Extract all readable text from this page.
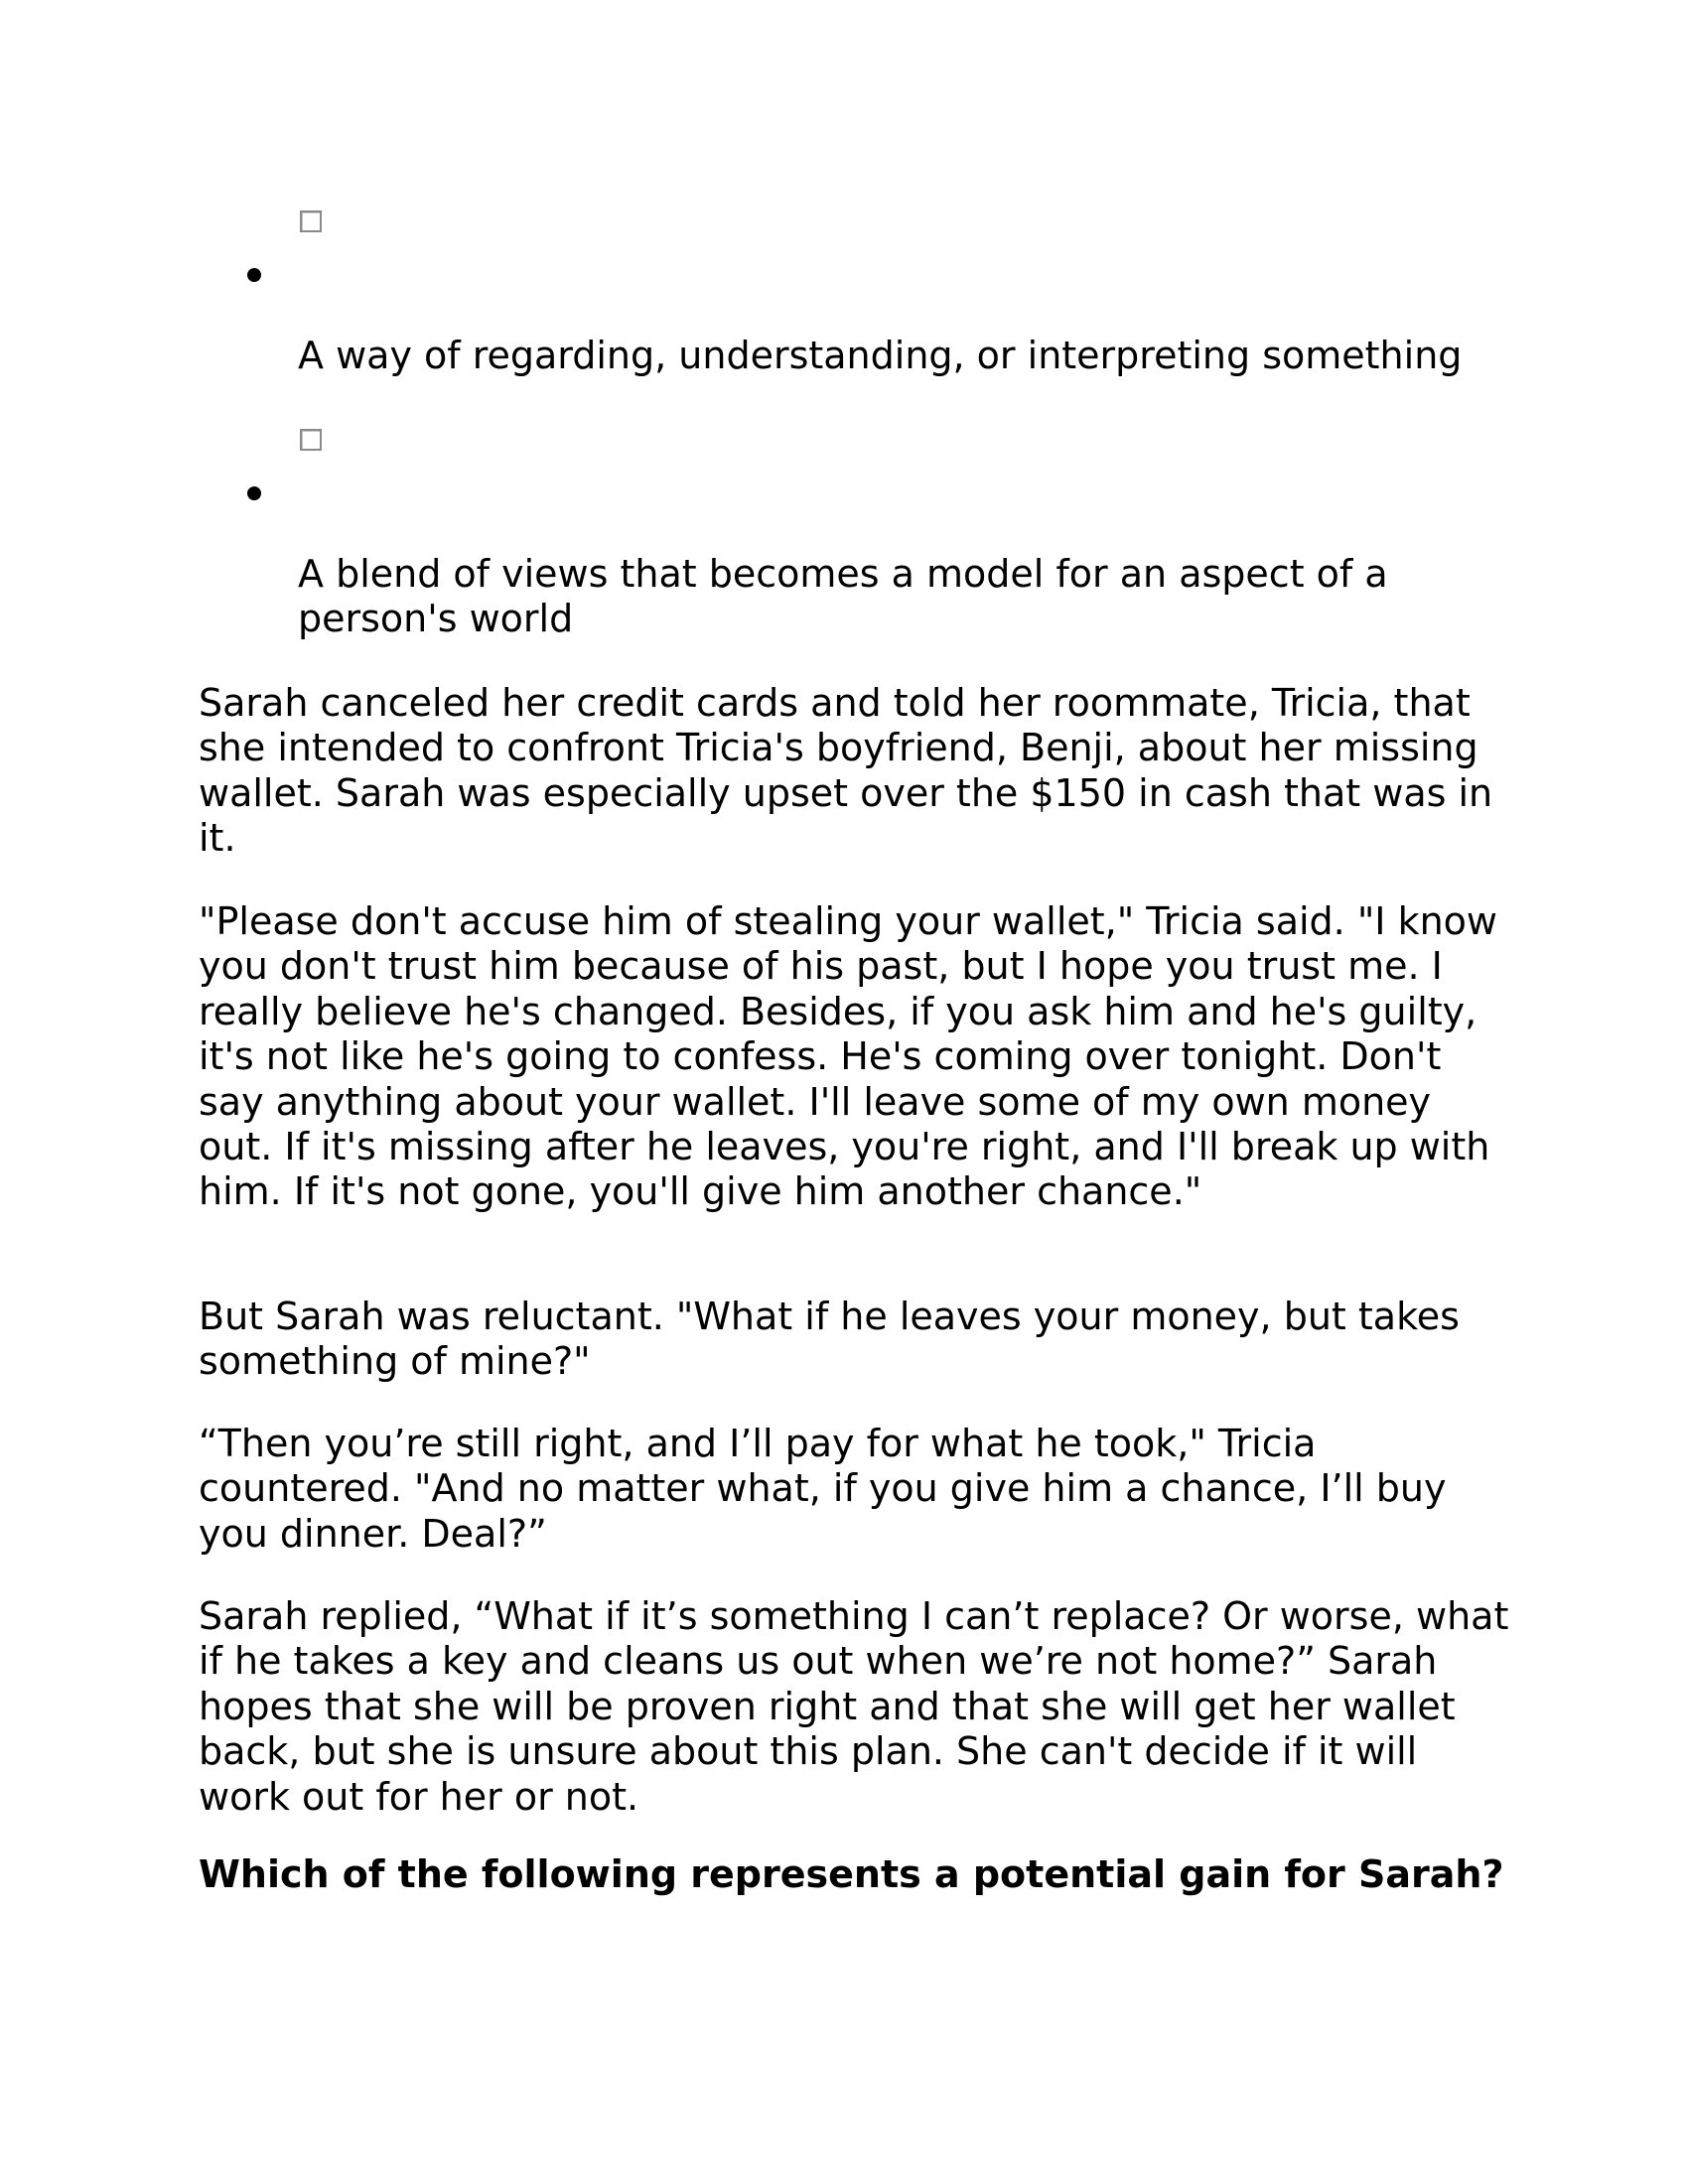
A way of regarding, understanding, or interpreting something

A blend of views that becomes a model for an aspect of a person's world

Sarah canceled her credit cards and told her roommate, Tricia, that she intended to confront Tricia's boyfriend, Benji, about her missing wallet. Sarah was especially upset over the $150 in cash that was in it.

"Please don't accuse him of stealing your wallet," Tricia said. "I know you don't trust him because of his past, but I hope you trust me. I really believe he's changed. Besides, if you ask him and he's guilty, it's not like he's going to confess. He's coming over tonight. Don't say anything about your wallet. I'll leave some of my own money out. If it's missing after he leaves, you're right, and I'll break up with him. If it's not gone, you'll give him another chance."

But Sarah was reluctant. "What if he leaves your money, but takes something of mine?"

“Then you’re still right, and I’ll pay for what he took," Tricia countered. "And no matter what, if you give him a chance, I’ll buy you dinner. Deal?”

Sarah replied, “What if it’s something I can’t replace? Or worse, what if he takes a key and cleans us out when we’re not home?” Sarah hopes that she will be proven right and that she will get her wallet back, but she is unsure about this plan. She can't decide if it will work out for her or not.

Which of the following represents a potential gain for Sarah?
